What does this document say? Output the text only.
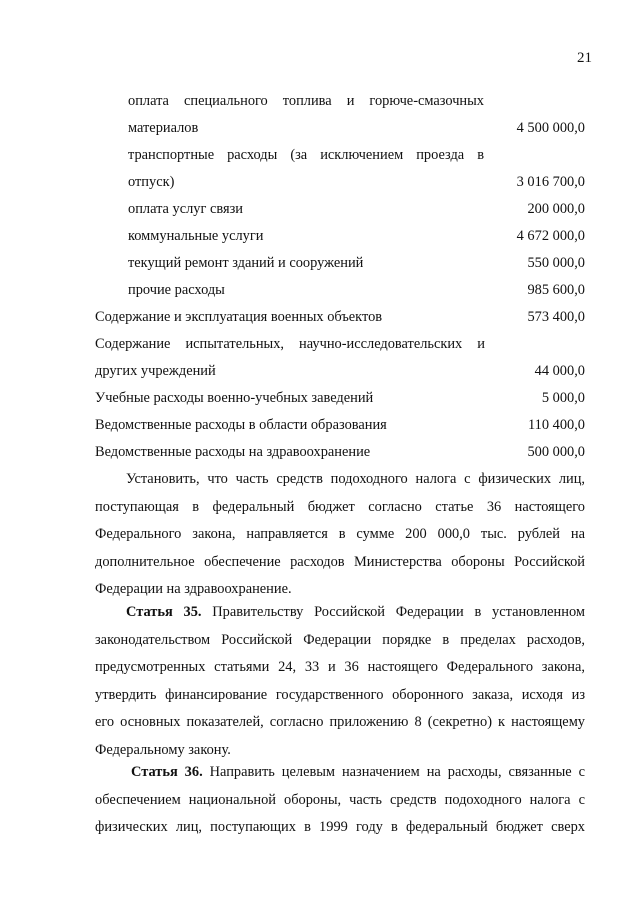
21
оплата специального топлива и горюче-смазочных
материалов	4 500 000,0
транспортные расходы (за исключением проезда в
отпуск)	3 016 700,0
оплата услуг связи	200 000,0
коммунальные услуги	4 672 000,0
текущий ремонт зданий и сооружений	550 000,0
прочие расходы	985 600,0
Содержание и эксплуатация военных объектов	573 400,0
Содержание испытательных, научно-исследовательских и
других учреждений	44 000,0
Учебные расходы военно-учебных заведений	5 000,0
Ведомственные расходы в области образования	110 400,0
Ведомственные расходы на здравоохранение	500 000,0

Установить, что часть средств подоходного налога с физических лиц,

поступающая в федеральный бюджет согласно статье 36 настоящего

Федерального закона, направляется в сумме 200 000,0 тыс. рублей на

дополнительное обеспечение расходов Министерства обороны Российской

Федерации на здравоохранение.

Статья 35. Правительству Российской Федерации в установленном

законодательством Российской Федерации порядке в пределах расходов,

предусмотренных статьями 24, 33 и 36 настоящего Федерального закона,

утвердить финансирование государственного оборонного заказа, исходя из

его основных показателей, согласно приложению 8 (секретно) к настоящему

Федеральному закону.

Статья 36. Направить целевым назначением на расходы, связанные с

обеспечением национальной обороны, часть средств подоходного налога с

физических лиц, поступающих в 1999 году в федеральный бюджет сверх
